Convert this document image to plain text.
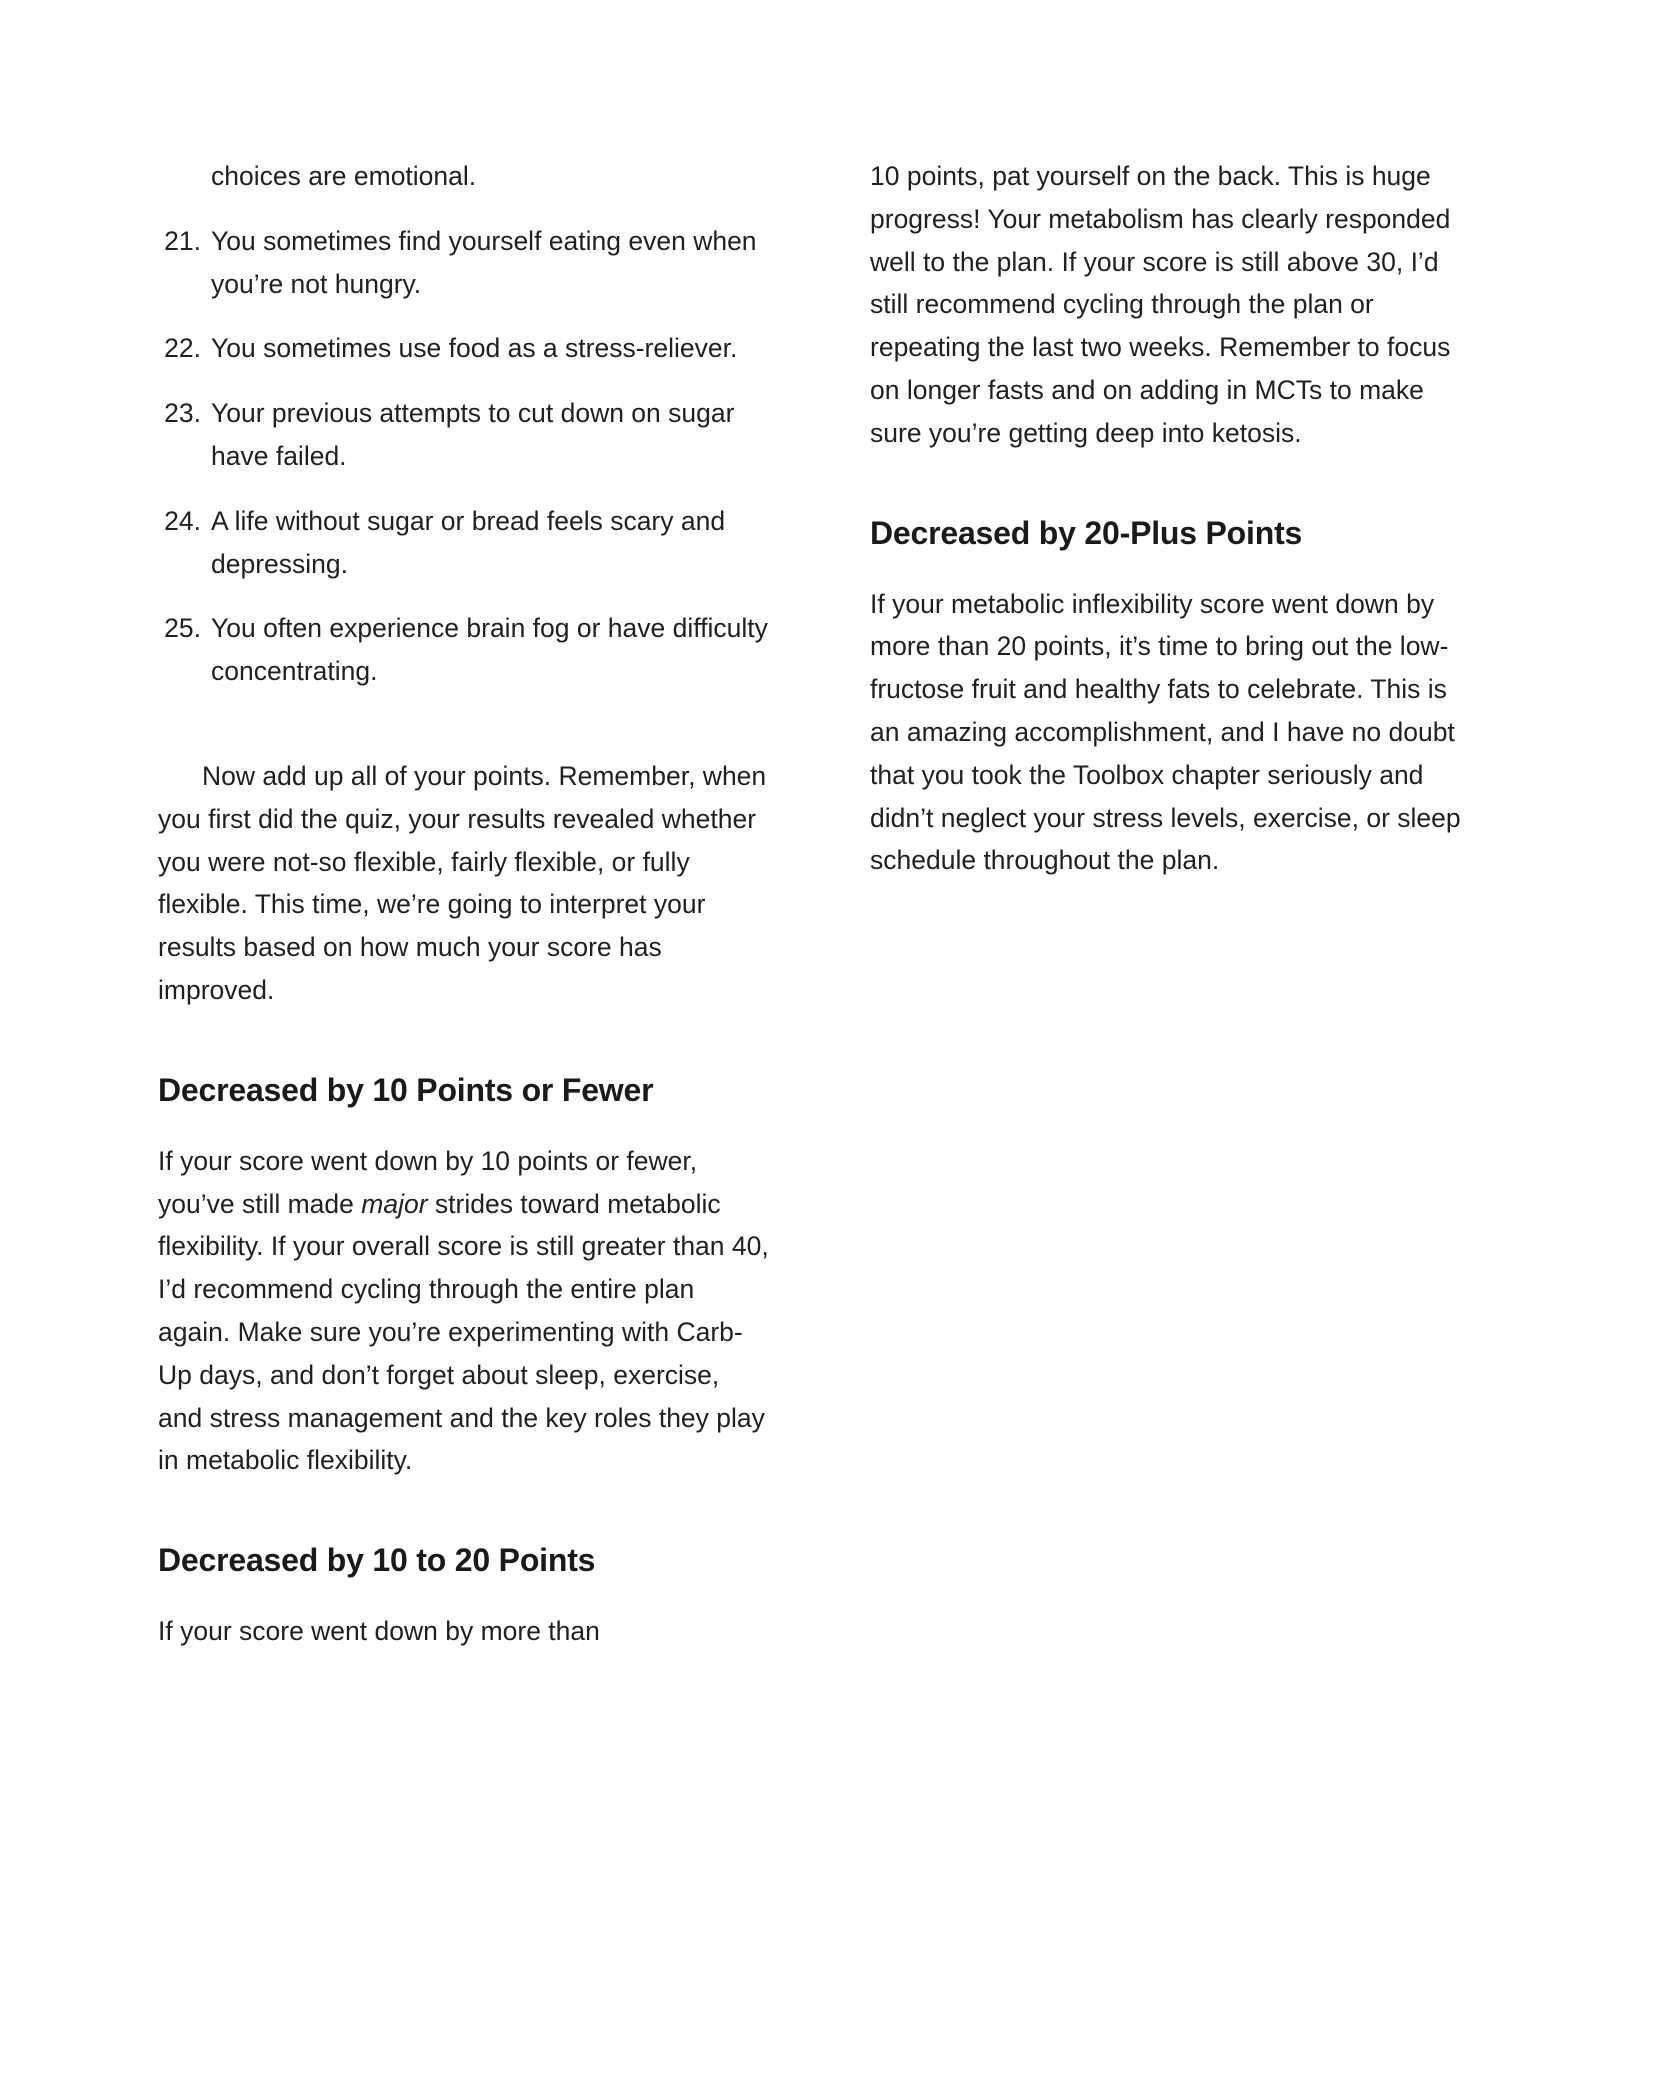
choices are emotional.
21. You sometimes find yourself eating even when you’re not hungry.
22. You sometimes use food as a stress-reliever.
23. Your previous attempts to cut down on sugar have failed.
24. A life without sugar or bread feels scary and depressing.
25. You often experience brain fog or have difficulty concentrating.

Now add up all of your points. Remember, when you first did the quiz, your results revealed whether you were not-so flexible, fairly flexible, or fully flexible. This time, we’re going to interpret your results based on how much your score has improved.

Decreased by 10 Points or Fewer

If your score went down by 10 points or fewer, you’ve still made major strides toward metabolic flexibility. If your overall score is still greater than 40, I’d recommend cycling through the entire plan again. Make sure you’re experimenting with Carb-Up days, and don’t forget about sleep, exercise, and stress management and the key roles they play in metabolic flexibility.

Decreased by 10 to 20 Points

If your score went down by more than

10 points, pat yourself on the back. This is huge progress! Your metabolism has clearly responded well to the plan. If your score is still above 30, I’d still recommend cycling through the plan or repeating the last two weeks. Remember to focus on longer fasts and on adding in MCTs to make sure you’re getting deep into ketosis.

Decreased by 20-Plus Points

If your metabolic inflexibility score went down by more than 20 points, it’s time to bring out the low-fructose fruit and healthy fats to celebrate. This is an amazing accomplishment, and I have no doubt that you took the Toolbox chapter seriously and didn’t neglect your stress levels, exercise, or sleep schedule throughout the plan.
